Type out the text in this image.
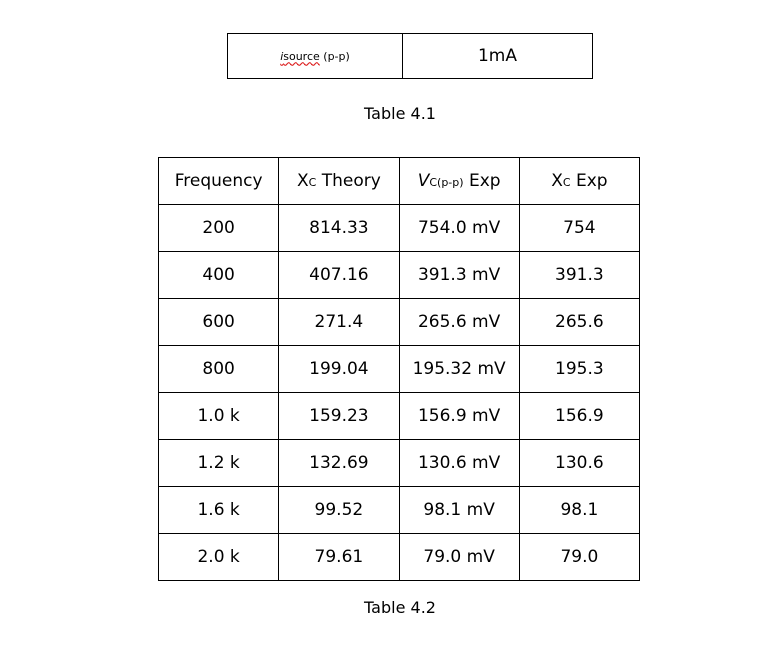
isource (p-p)	1mA
Table 4.1
Frequency	XC Theory	VC(p-p) Exp	XC Exp
200	814.33	754.0 mV	754
400	407.16	391.3 mV	391.3
600	271.4	265.6 mV	265.6
800	199.04	195.32 mV	195.3
1.0 k	159.23	156.9 mV	156.9
1.2 k	132.69	130.6 mV	130.6
1.6 k	99.52	98.1 mV	98.1
2.0 k	79.61	79.0 mV	79.0
Table 4.2
